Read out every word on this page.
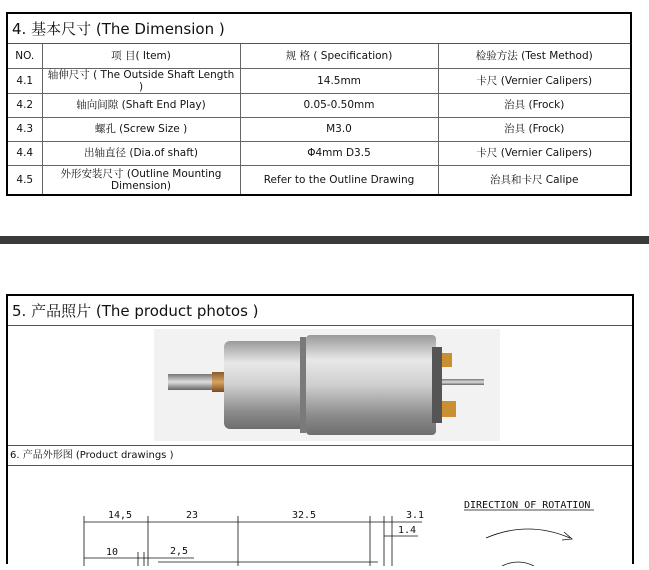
4. 基本尺寸 (The Dimension )
NO.	项 目( Item)	规 格 ( Specification)	检验方法 (Test Method)
4.1	轴伸尺寸 ( The Outside Shaft Length )	14.5mm	卡尺 (Vernier Calipers)
4.2	轴向间隙 (Shaft End Play)	0.05-0.50mm	治具 (Frock)
4.3	螺孔 (Screw Size )	M3.0	治具 (Frock)
4.4	出轴直径 (Dia.of shaft)	Φ4mm D3.5	卡尺 (Vernier Calipers)
4.5	外形安装尺寸 (Outline Mounting Dimension)	Refer to the Outline Drawing	治具和卡尺 Calipe
5. 产品照片 (The product photos )
6. 产品外形图 (Product drawings )
DIRECTION OF ROTATION
14,5	23	32.5	3.1
1.4
10	2,5
